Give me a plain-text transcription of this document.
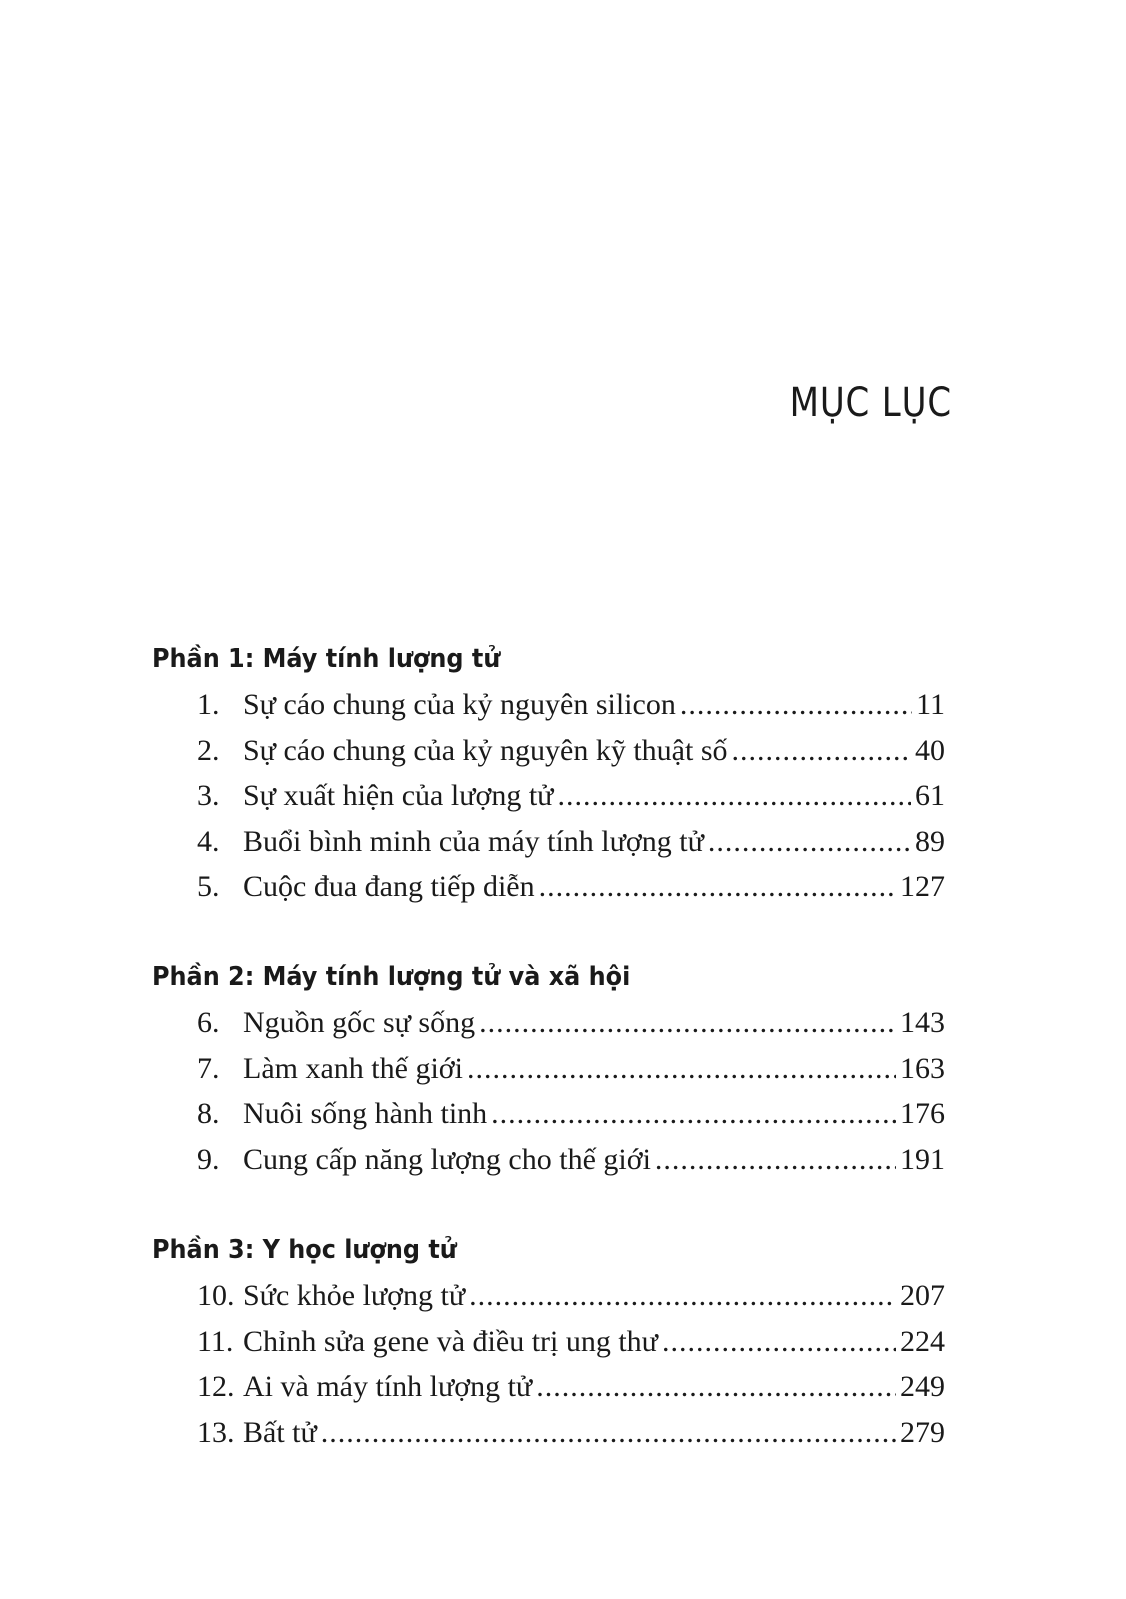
MỤC LỤC
Phần 1: Máy tính lượng tử
1. Sự cáo chung của kỷ nguyên silicon .....	11
2. Sự cáo chung của kỷ nguyên kỹ thuật số .....	40
3. Sự xuất hiện của lượng tử .....	61
4. Buổi bình minh của máy tính lượng tử .....	89
5. Cuộc đua đang tiếp diễn .....	127
Phần 2: Máy tính lượng tử và xã hội
6. Nguồn gốc sự sống .....	143
7. Làm xanh thế giới .....	163
8. Nuôi sống hành tinh .....	176
9. Cung cấp năng lượng cho thế giới .....	191
Phần 3: Y học lượng tử
10. Sức khỏe lượng tử .....	207
11. Chỉnh sửa gene và điều trị ung thư .....	224
12. Ai và máy tính lượng tử .....	249
13. Bất tử .....	279
